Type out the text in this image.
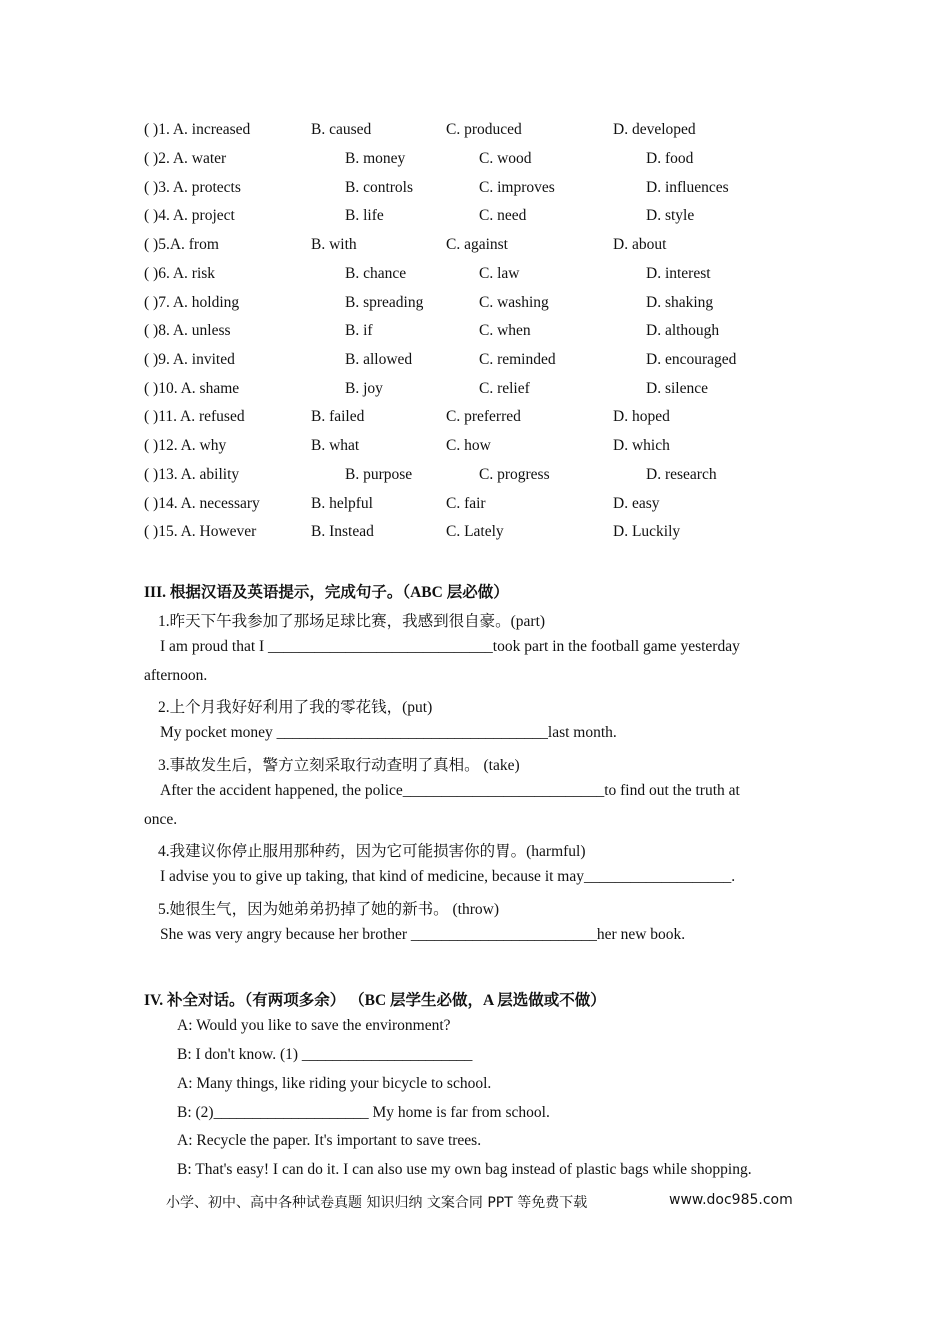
( )1. A. increased	B. caused	C. produced	D. developed
( )2. A. water	B. money	C. wood	D. food
( )3. A. protects	B. controls	C. improves	D. influences
( )4. A. project	B. life	C. need	D. style
( )5.A. from	B. with	C. against	D. about
( )6. A. risk	B. chance	C. law	D. interest
( )7. A. holding	B. spreading	C. washing	D. shaking
( )8. A. unless	B. if	C. when	D. although
( )9. A. invited	B. allowed	C. reminded	D. encouraged
( )10. A. shame	B. joy	C. relief	D. silence
( )11. A. refused	B. failed	C. preferred	D. hoped
( )12. A. why	B. what	C. how	D. which
( )13. A. ability	B. purpose	C. progress	D. research
( )14. A. necessary	B. helpful	C. fair	D. easy
( )15. A. However	B. Instead	C. Lately	D. Luckily
III. 根据汉语及英语提示，完成句子。（ABC 层必做）
1.昨天下午我参加了那场足球比赛，我感到很自豪。(part)
I am proud that I _____________________________took part in the football game yesterday
afternoon.
2.上个月我好好利用了我的零花钱，(put)
My pocket money ___________________________________last month.
3.事故发生后，警方立刻采取行动查明了真相。 (take)
After the accident happened, the police__________________________to find out the truth at
once.
4.我建议你停止服用那种药，因为它可能损害你的胃。(harmful)
I advise you to give up taking, that kind of medicine, because it may___________________.
5.她很生气，因为她弟弟扔掉了她的新书。 (throw)
She was very angry because her brother ________________________her new book.
IV. 补全对话。（有两项多余） （BC 层学生必做，A 层选做或不做）
A: Would you like to save the environment?
B: I don't know. (1) ______________________
A: Many things, like riding your bicycle to school.
B: (2)____________________ My home is far from school.
A: Recycle the paper. It's important to save trees.
B: That's easy! I can do it. I can also use my own bag instead of plastic bags while shopping.
小学、初中、高中各种试卷真题 知识归纳 文案合同 PPT 等免费下载	www.doc985.com
